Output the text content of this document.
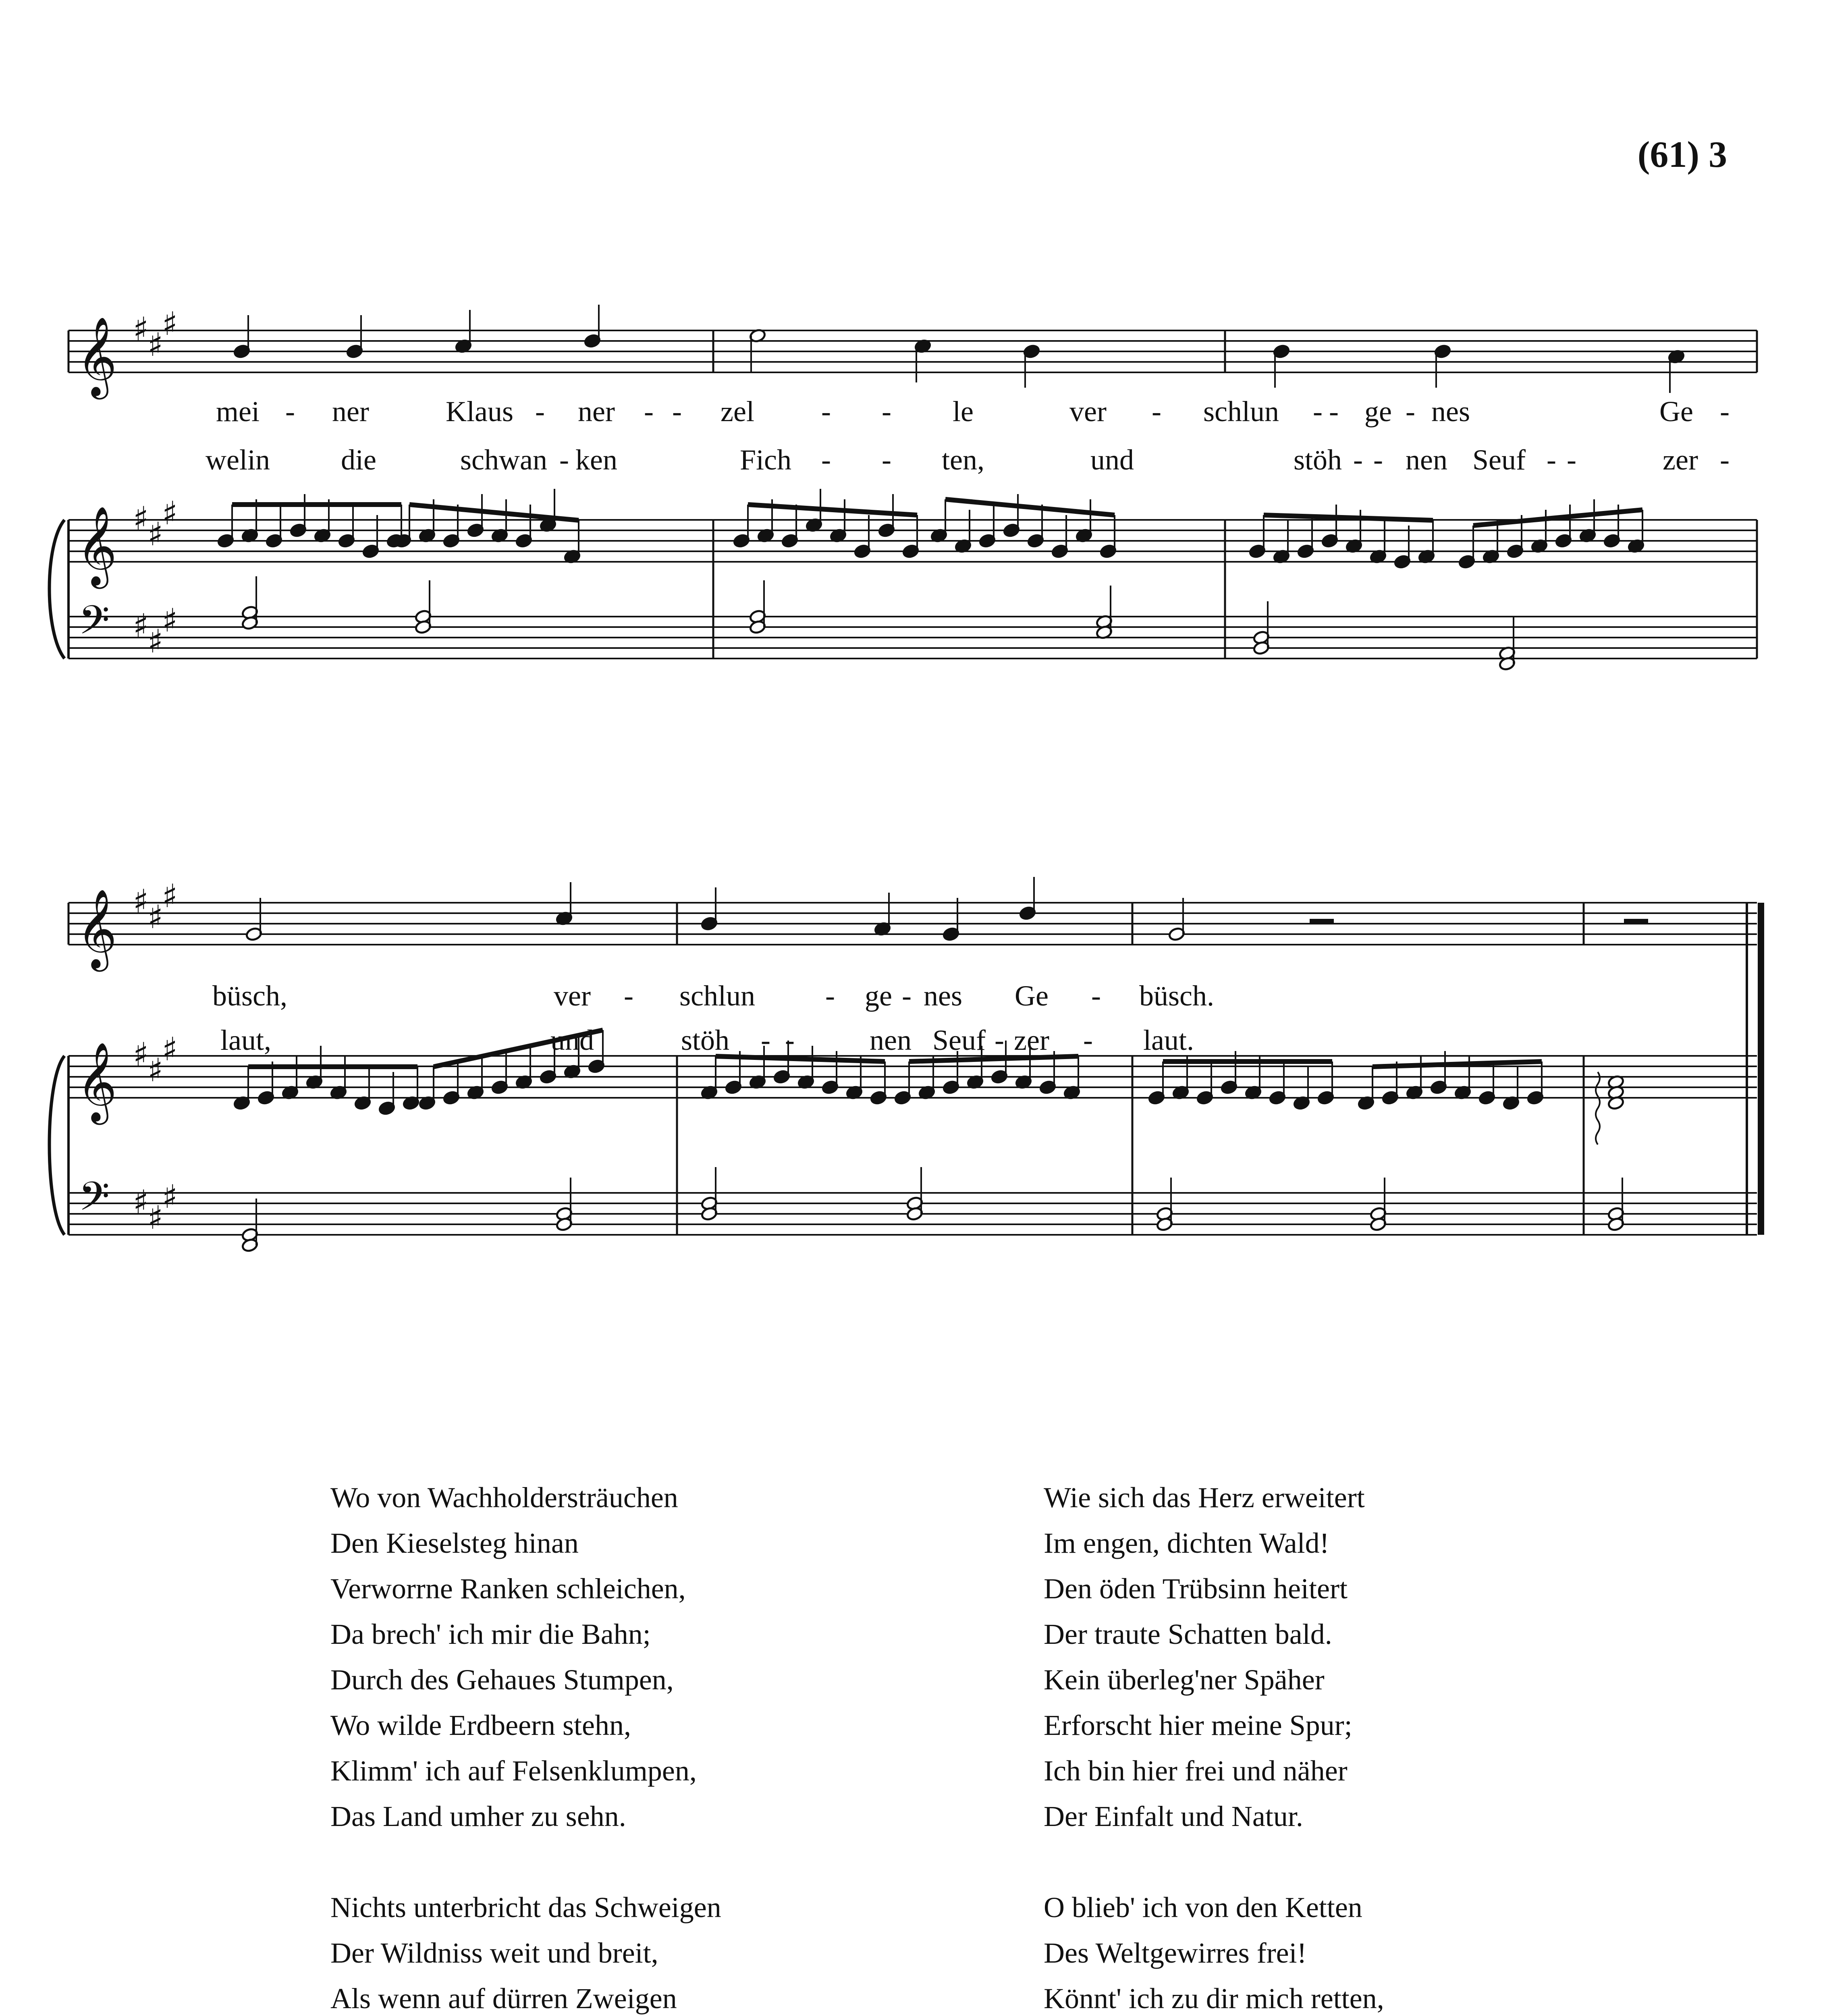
(61) 3
𝄞
𝄞
𝄢
♯
♯
♯
♯
♯
♯
♯
♯
♯
𝄞
𝄞
𝄢
♯
♯
♯
♯
♯
♯
♯
♯
♯
mei - ner	Klaus - ner - - zel - - le	ver - schlun - - ge - nes	Ge -
welin die	schwan - ken	Fich - - ten,	und	stöh - - nen Seuf - -	zer -
büsch,	ver - schlun - ge - nes Ge - büsch.
laut,	und	stöh - -	nen Seuf - zer - laut.
Wo von Wachholdersträuchen
Den Kieselsteg hinan
Verworrne Ranken schleichen,
Da brech' ich mir die Bahn;
Durch des Gehaues Stumpen,
Wo wilde Erdbeern stehn,
Klimm' ich auf Felsenklumpen,
Das Land umher zu sehn.
Nichts unterbricht das Schweigen
Der Wildniss weit und breit,
Als wenn auf dürren Zweigen
Wie sich das Herz erweitert
Im engen, dichten Wald!
Den öden Trübsinn heitert
Der traute Schatten bald.
Kein überleg'ner Späher
Erforscht hier meine Spur;
Ich bin hier frei und näher
Der Einfalt und Natur.
O blieb' ich von den Ketten
Des Weltgewirres frei!
Könnt' ich zu dir mich retten,
